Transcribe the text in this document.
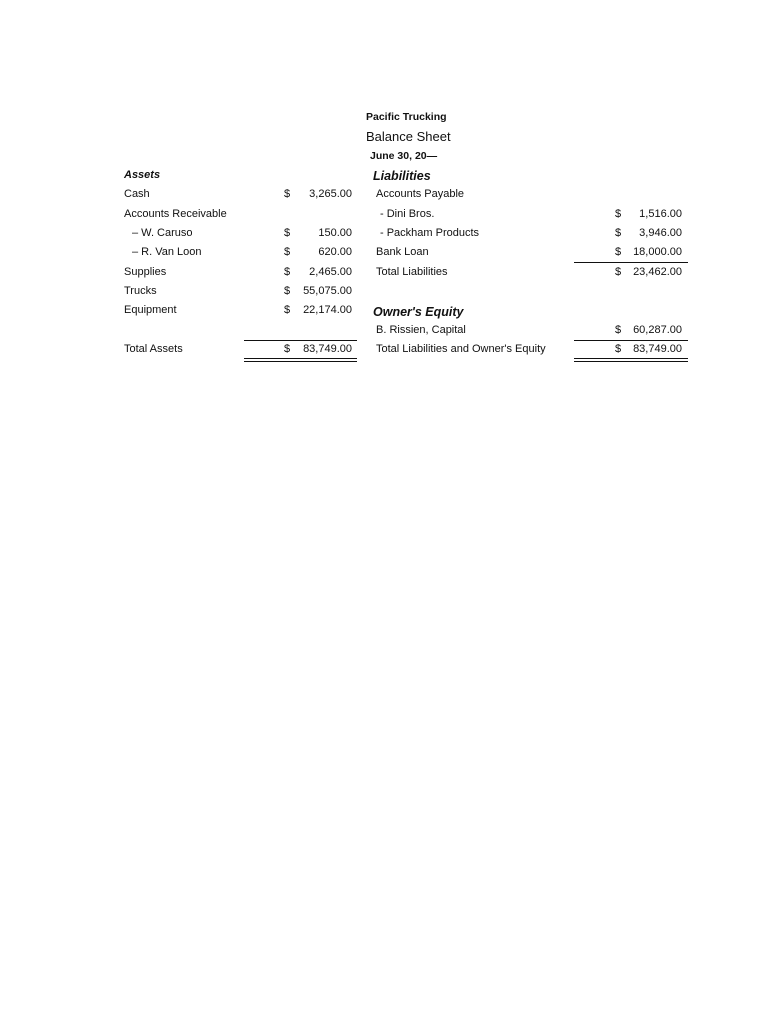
Pacific Trucking
Balance Sheet
June 30, 20—
Assets
Cash	$	3,265.00
Accounts Receivable
– W. Caruso	$	150.00
– R. Van Loon	$	620.00
Supplies	$	2,465.00
Trucks	$	55,075.00
Equipment	$	22,174.00
Total Assets	$	83,749.00
Liabilities
Accounts Payable
- Dini Bros.	$	1,516.00
- Packham Products	$	3,946.00
Bank Loan	$	18,000.00
Total Liabilities	$	23,462.00
Owner's Equity
B. Rissien, Capital	$	60,287.00
Total Liabilities and Owner's Equity	$	83,749.00
